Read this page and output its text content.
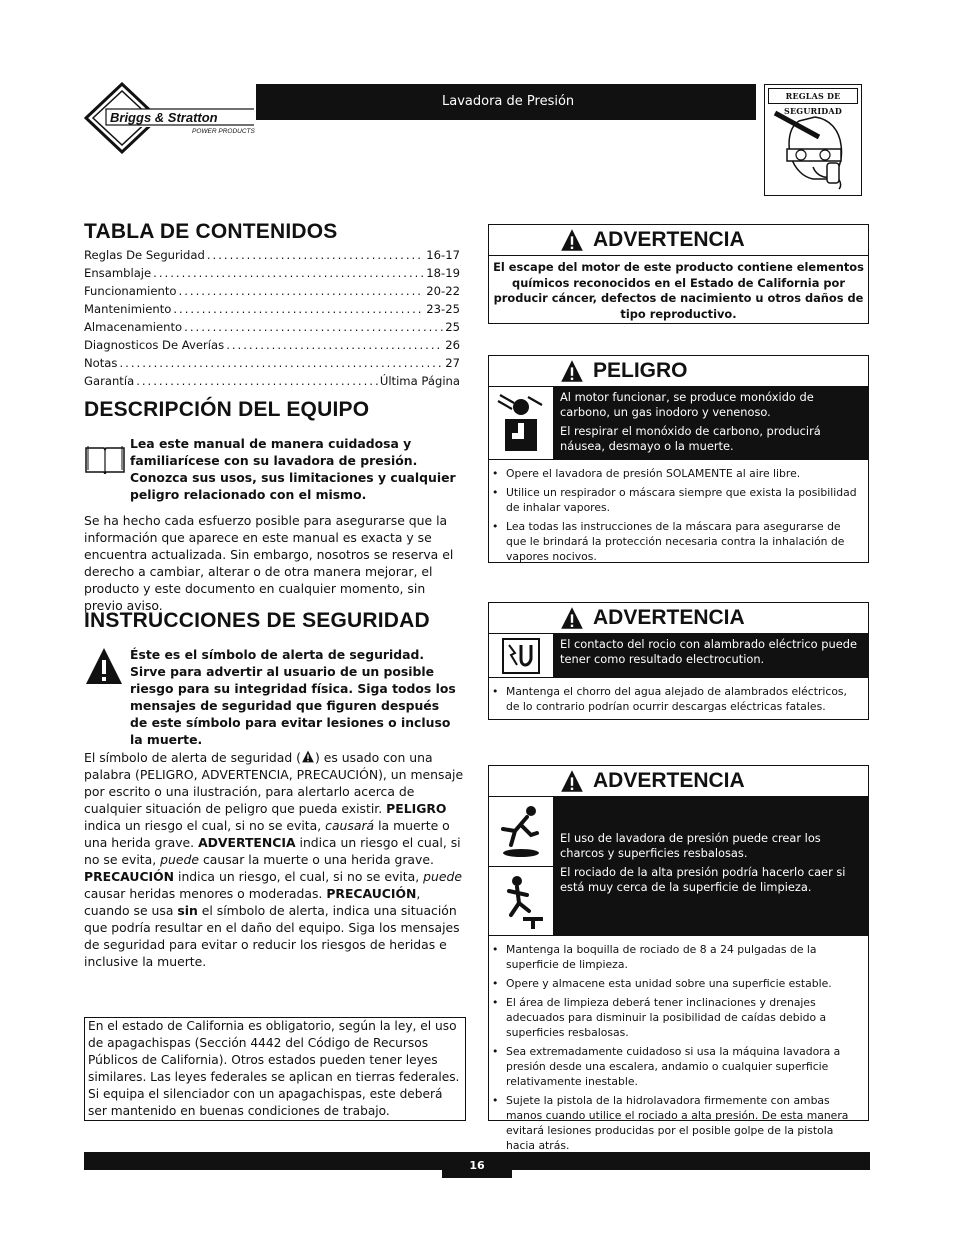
Briggs & Stratton
POWER PRODUCTS
Lavadora de Presión	REGLAS DE SEGURIDAD
TABLA DE CONTENIDOS
Reglas De Seguridad .....	16-17
Ensamblaje .....	18-19
Funcionamiento .....	20-22
Mantenimiento .....	23-25
Almacenamiento .....	25
Diagnosticos De Averías .....	26
Notas .....	27
Garantía .....	Última Página
DESCRIPCIÓN DEL EQUIPO
Lea este manual de manera cuidadosa y familiarícese con su lavadora de presión. Conozca sus usos, sus limitaciones y cualquier peligro relacionado con el mismo.
Se ha hecho cada esfuerzo posible para asegurarse que la información que aparece en este manual es exacta y se encuentra actualizada. Sin embargo, nosotros se reserva el derecho a cambiar, alterar o de otra manera mejorar, el producto y este documento en cualquier momento, sin previo aviso.
INSTRUCCIONES DE SEGURIDAD
Éste es el símbolo de alerta de seguridad. Sirve para advertir al usuario de un posible riesgo para su integridad física. Siga todos los mensajes de seguridad que figuren después de este símbolo para evitar lesiones o incluso la muerte.
El símbolo de alerta de seguridad ( ) es usado con una palabra (PELIGRO, ADVERTENCIA, PRECAUCIÓN), un mensaje por escrito o una ilustración, para alertarlo acerca de cualquier situación de peligro que pueda existir. PELIGRO indica un riesgo el cual, si no se evita, causará la muerte o una herida grave. ADVERTENCIA indica un riesgo el cual, si no se evita, puede causar la muerte o una herida grave. PRECAUCIÓN indica un riesgo, el cual, si no se evita, puede causar heridas menores o moderadas. PRECAUCIÓN, cuando se usa sin el símbolo de alerta, indica una situación que podría resultar en el daño del equipo. Siga los mensajes de seguridad para evitar o reducir los riesgos de heridas e inclusive la muerte.
En el estado de California es obligatorio, según la ley, el uso de apagachispas (Sección 4442 del Código de Recursos Públicos de California). Otros estados pueden tener leyes similares. Las leyes federales se aplican en tierras federales. Si equipa el silenciador con un apagachispas, este deberá ser mantenido en buenas condiciones de trabajo.
ADVERTENCIA
El escape del motor de este producto contiene elementos químicos reconocidos en el Estado de California por producir cáncer, defectos de nacimiento u otros daños de tipo reproductivo.
PELIGRO
Al motor funcionar, se produce monóxido de carbono, un gas inodoro y venenoso.
El respirar el monóxido de carbono, producirá náusea, desmayo o la muerte.
• Opere el lavadora de presión SOLAMENTE al aire libre.
• Utilice un respirador o máscara siempre que exista la posibilidad de inhalar vapores.
• Lea todas las instrucciones de la máscara para asegurarse de que le brindará la protección necesaria contra la inhalación de vapores nocivos.
ADVERTENCIA
El contacto del rocio con alambrado eléctrico puede tener como resultado electrocution.
• Mantenga el chorro del agua alejado de alambrados eléctricos, de lo contrario podrían ocurrir descargas eléctricas fatales.
ADVERTENCIA
El uso de lavadora de presión puede crear los charcos y superficies resbalosas.
El rociado de la alta presión podría hacerlo caer si está muy cerca de la superficie de limpieza.
• Mantenga la boquilla de rociado de 8 a 24 pulgadas de la superficie de limpieza.
• Opere y almacene esta unidad sobre una superficie estable.
• El área de limpieza deberá tener inclinaciones y drenajes adecuados para disminuir la posibilidad de caídas debido a superficies resbalosas.
• Sea extremadamente cuidadoso si usa la máquina lavadora a presión desde una escalera, andamio o cualquier superficie relativamente inestable.
• Sujete la pistola de la hidrolavadora firmemente con ambas manos cuando utilice el rociado a alta presión. De esta manera evitará lesiones producidas por el posible golpe de la pistola hacia atrás.
16
